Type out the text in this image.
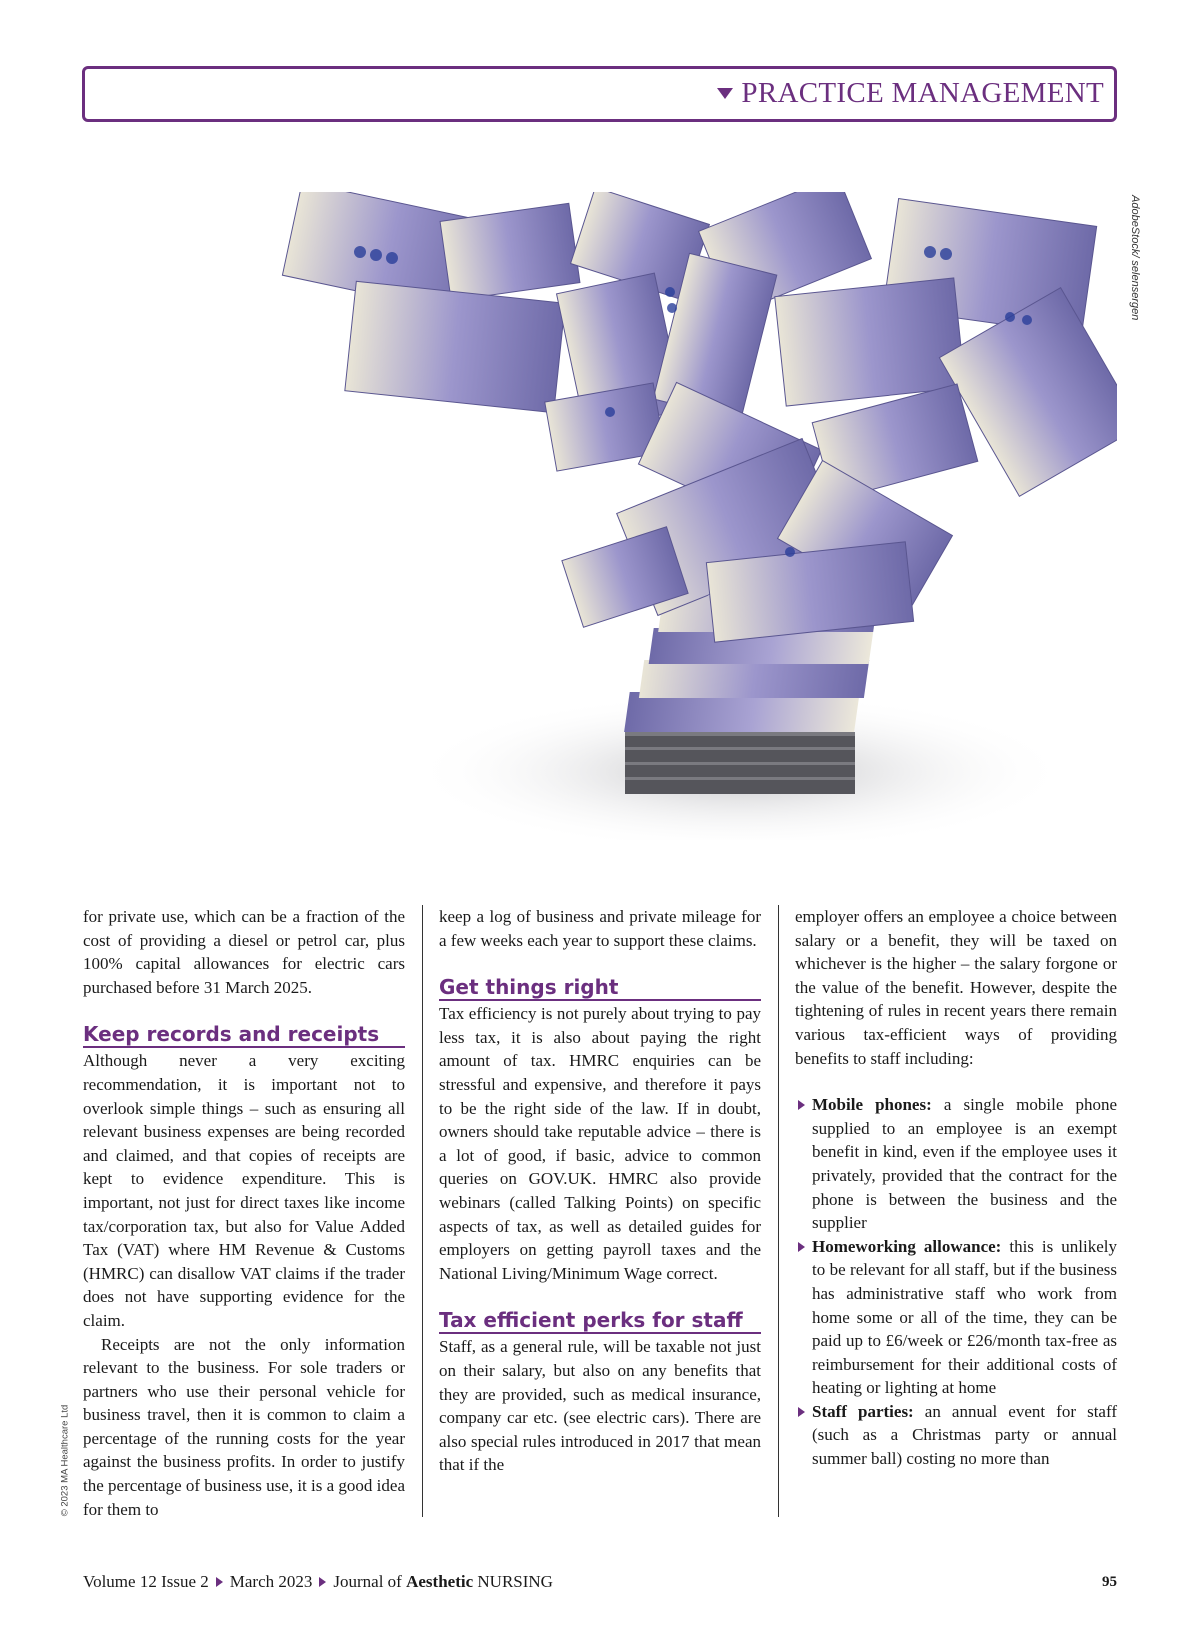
PRACTICE MANAGEMENT
AdobeStock/ selensergen
© 2023 MA Healthcare Ltd

for private use, which can be a fraction of the cost of providing a diesel or petrol car, plus 100% capital allowances for electric cars purchased before 31 March 2025.

Keep records and receipts

Although never a very exciting recommendation, it is important not to overlook simple things – such as ensuring all relevant business expenses are being recorded and claimed, and that copies of receipts are kept to evidence expenditure. This is important, not just for direct taxes like income tax/corporation tax, but also for Value Added Tax (VAT) where HM Revenue & Customs (HMRC) can disallow VAT claims if the trader does not have supporting evidence for the claim.

Receipts are not the only information relevant to the business. For sole traders or partners who use their personal vehicle for business travel, then it is common to claim a percentage of the running costs for the year against the business profits. In order to justify the percentage of business use, it is a good idea for them to

keep a log of business and private mileage for a few weeks each year to support these claims.

Get things right

Tax efficiency is not purely about trying to pay less tax, it is also about paying the right amount of tax. HMRC enquiries can be stressful and expensive, and therefore it pays to be the right side of the law. If in doubt, owners should take reputable advice – there is a lot of good, if basic, advice to common queries on GOV.UK. HMRC also provide webinars (called Talking Points) on specific aspects of tax, as well as detailed guides for employers on getting payroll taxes and the National Living/Minimum Wage correct.

Tax efficient perks for staff

Staff, as a general rule, will be taxable not just on their salary, but also on any benefits that they are provided, such as medical insurance, company car etc. (see electric cars). There are also special rules introduced in 2017 that mean that if the

employer offers an employee a choice between salary or a benefit, they will be taxed on whichever is the higher – the salary forgone or the value of the benefit. However, despite the tightening of rules in recent years there remain various tax-efficient ways of providing benefits to staff including:

Mobile phones: a single mobile phone supplied to an employee is an exempt benefit in kind, even if the employee uses it privately, provided that the contract for the phone is between the business and the supplier
Homeworking allowance: this is unlikely to be relevant for all staff, but if the business has administrative staff who work from home some or all of the time, they can be paid up to £6/week or £26/month tax-free as reimbursement for their additional costs of heating or lighting at home
Staff parties: an annual event for staff (such as a Christmas party or annual summer ball) costing no more than
Volume 12 Issue 2 March 2023 Journal of
Aesthetic
NURSING	95
